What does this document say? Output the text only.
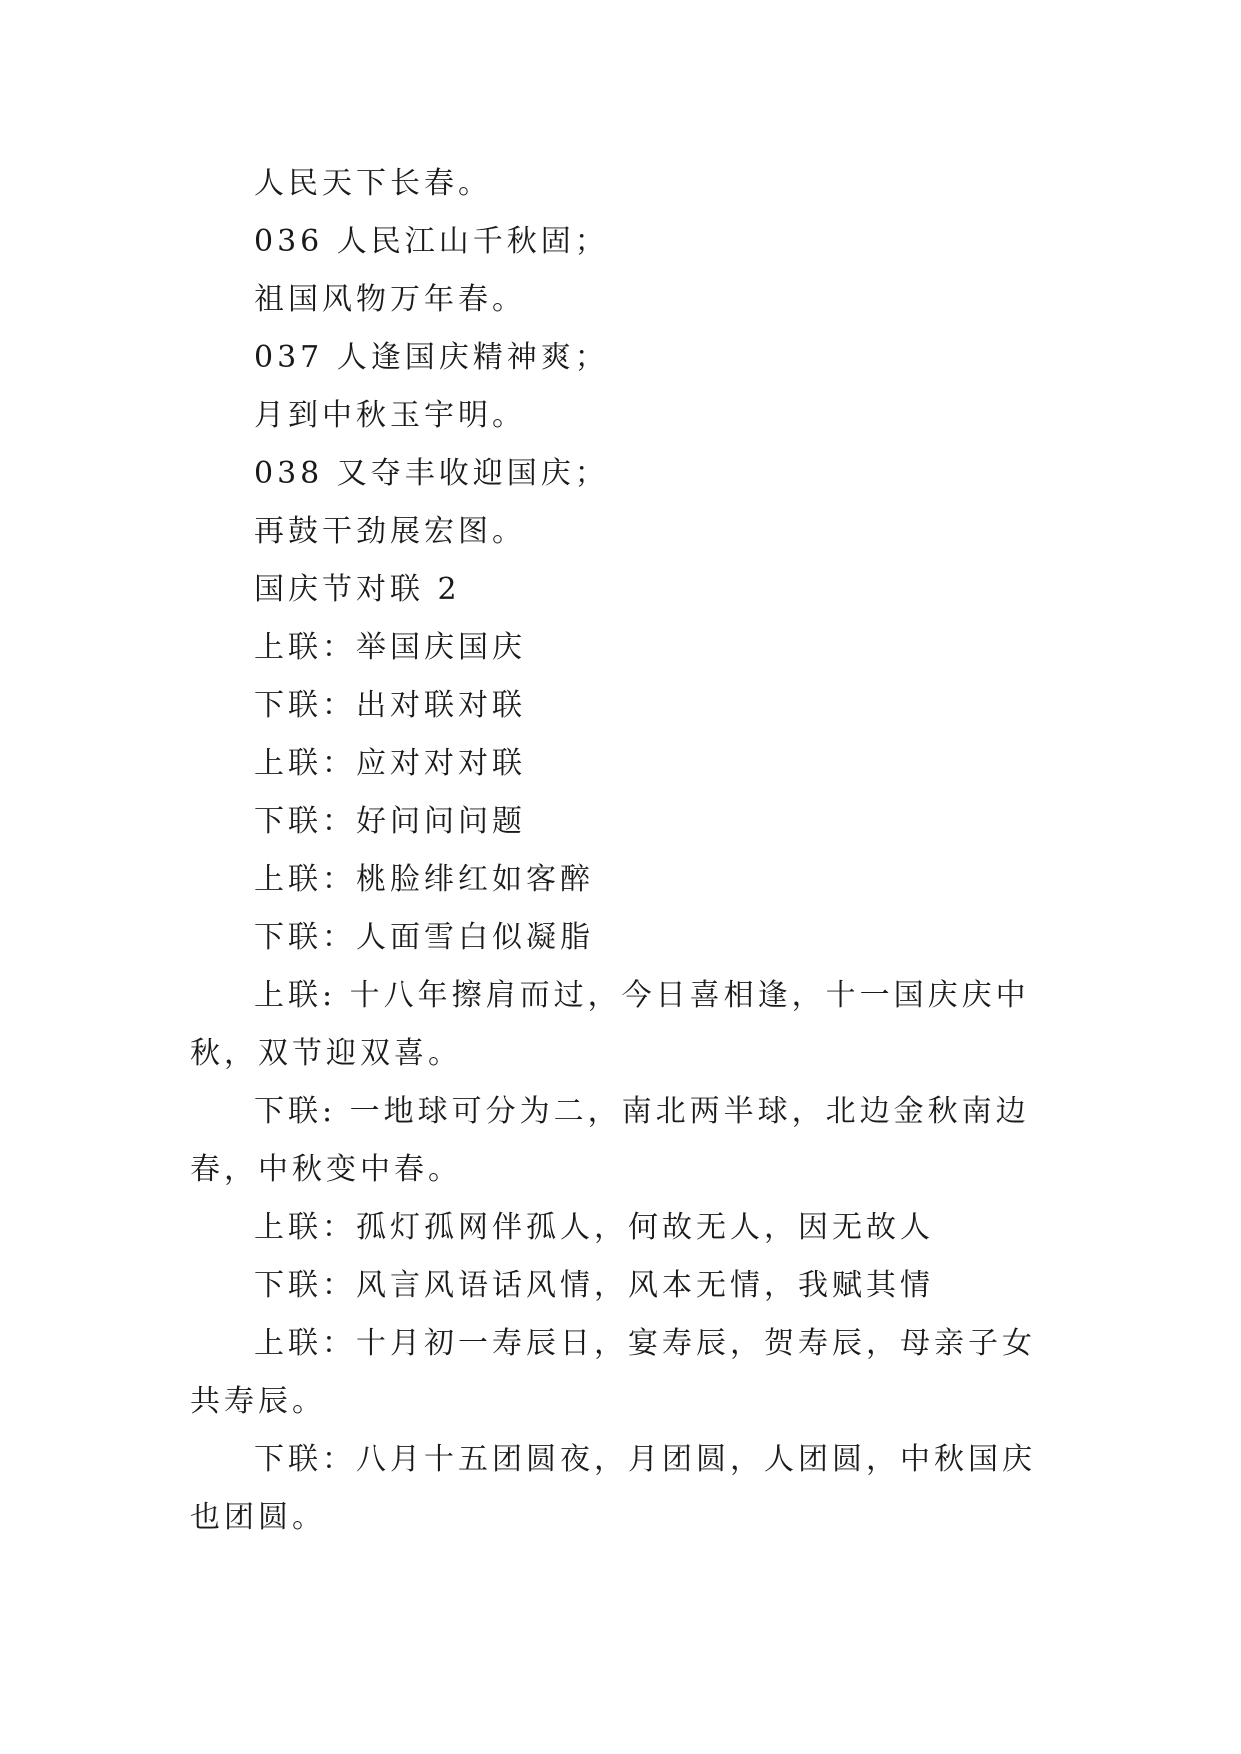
人民天下长春。

036 人民江山千秋固；

祖国风物万年春。

037 人逢国庆精神爽；

月到中秋玉宇明。

038 又夺丰收迎国庆；

再鼓干劲展宏图。

国庆节对联 2

上联：举国庆国庆

下联：出对联对联

上联：应对对对联

下联：好问问问题

上联：桃脸绯红如客醉

下联：人面雪白似凝脂

上联: 十八年擦肩而过，今日喜相逢，十一国庆庆中秋，双节迎双喜。

下联: 一地球可分为二，南北两半球，北边金秋南边春，中秋变中春。

上联：孤灯孤网伴孤人，何故无人，因无故人

下联：风言风语话风情，风本无情，我赋其情

上联：十月初一寿辰日，宴寿辰，贺寿辰，母亲子女共寿辰。

下联：八月十五团圆夜，月团圆，人团圆，中秋国庆也团圆。
